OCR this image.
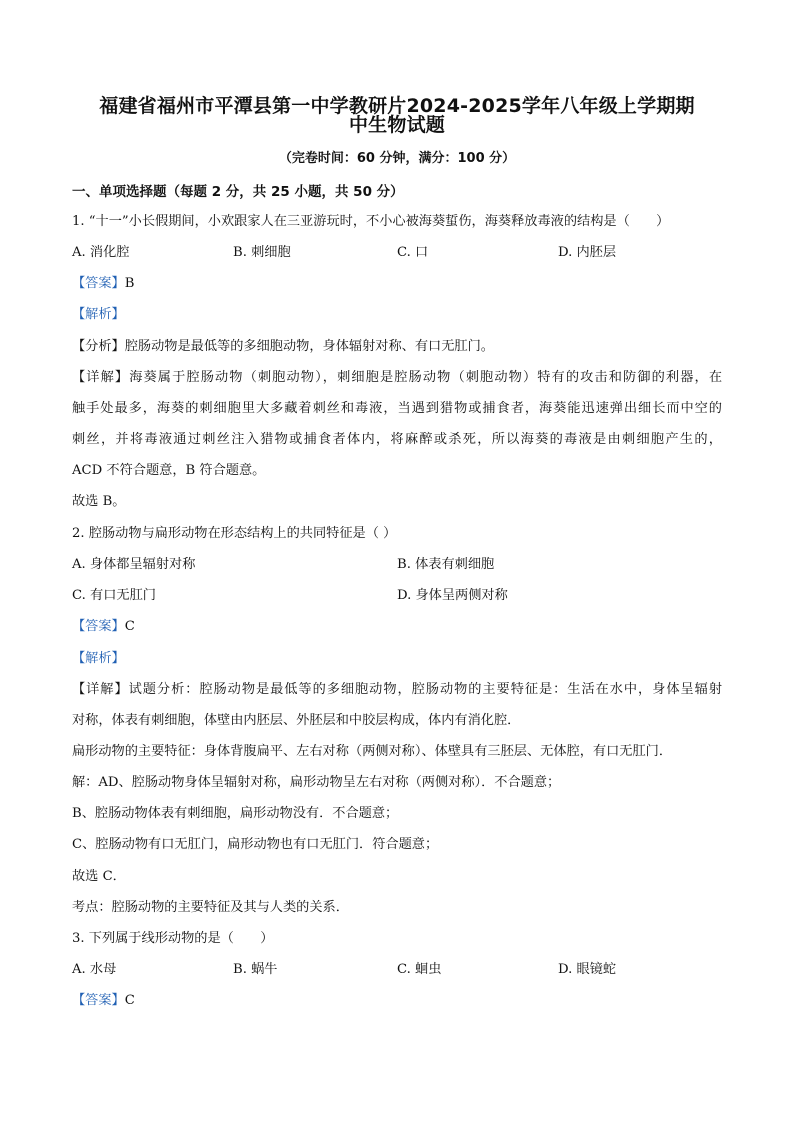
福建省福州市平潭县第一中学教研片2024-2025学年八年级上学期期
中生物试题
（完卷时间：60 分钟，满分：100 分）
一、单项选择题（每题 2 分，共 25 小题，共 50 分）
1. “十一”小长假期间，小欢跟家人在三亚游玩时，不小心被海葵蜇伤，海葵释放毒液的结构是（　　）
A. 消化腔	B. 刺细胞	C. 口	D. 内胚层
【答案】B
【解析】
【分析】腔肠动物是最低等的多细胞动物，身体辐射对称、有口无肛门。
【详解】海葵属于腔肠动物（刺胞动物），刺细胞是腔肠动物（刺胞动物）特有的攻击和防御的利器，在
触手处最多，海葵的刺细胞里大多藏着刺丝和毒液，当遇到猎物或捕食者，海葵能迅速弹出细长而中空的
刺丝，并将毒液通过刺丝注入猎物或捕食者体内，将麻醉或杀死，所以海葵的毒液是由刺细胞产生的，
ACD 不符合题意，B 符合题意。
故选 B。
2. 腔肠动物与扁形动物在形态结构上的共同特征是（ ）
A. 身体都呈辐射对称	B. 体表有刺细胞
C. 有口无肛门	D. 身体呈两侧对称
【答案】C
【解析】
【详解】试题分析：腔肠动物是最低等的多细胞动物，腔肠动物的主要特征是：生活在水中，身体呈辐射
对称，体表有刺细胞，体壁由内胚层、外胚层和中胶层构成，体内有消化腔．
扁形动物的主要特征：身体背腹扁平、左右对称（两侧对称）、体壁具有三胚层、无体腔，有口无肛门．
解：AD、腔肠动物身体呈辐射对称，扁形动物呈左右对称（两侧对称）．不合题意；
B、腔肠动物体表有刺细胞，扁形动物没有．不合题意；
C、腔肠动物有口无肛门，扁形动物也有口无肛门．符合题意；
故选 C．
考点：腔肠动物的主要特征及其与人类的关系．
3. 下列属于线形动物的是（　　）
A. 水母	B. 蜗牛	C. 蛔虫	D. 眼镜蛇
【答案】C
